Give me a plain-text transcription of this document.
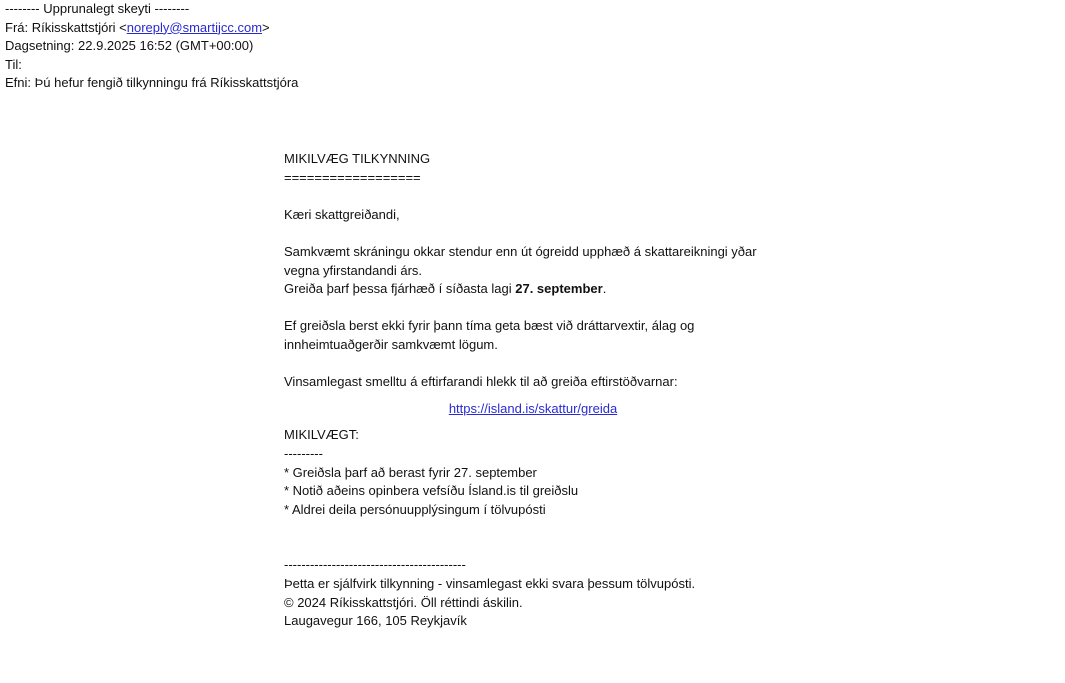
-------- Upprunalegt skeyti --------
Frá: Ríkisskattstjóri <noreply@smartijcc.com>
Dagsetning: 22.9.2025 16:52 (GMT+00:00)
Til:
Efni: Þú hefur fengið tilkynningu frá Ríkisskattstjóra
MIKILVÆG TILKYNNING
==================
Kæri skattgreiðandi,
Samkvæmt skráningu okkar stendur enn út ógreidd upphæð á skattareikningi yðar
vegna yfirstandandi árs.
Greiða þarf þessa fjárhæð í síðasta lagi 27. september.
Ef greiðsla berst ekki fyrir þann tíma geta bæst við dráttarvextir, álag og
innheimtuaðgerðir samkvæmt lögum.
Vinsamlegast smelltu á eftirfarandi hlekk til að greiða eftirstöðvarnar:
https://island.is/skattur/greida
MIKILVÆGT:
---------
* Greiðsla þarf að berast fyrir 27. september
* Notið aðeins opinbera vefsíðu Ísland.is til greiðslu
* Aldrei deila persónuupplýsingum í tölvupósti
------------------------------------------
Þetta er sjálfvirk tilkynning - vinsamlegast ekki svara þessum tölvupósti.
© 2024 Ríkisskattstjóri. Öll réttindi áskilin.
Laugavegur 166, 105 Reykjavík
